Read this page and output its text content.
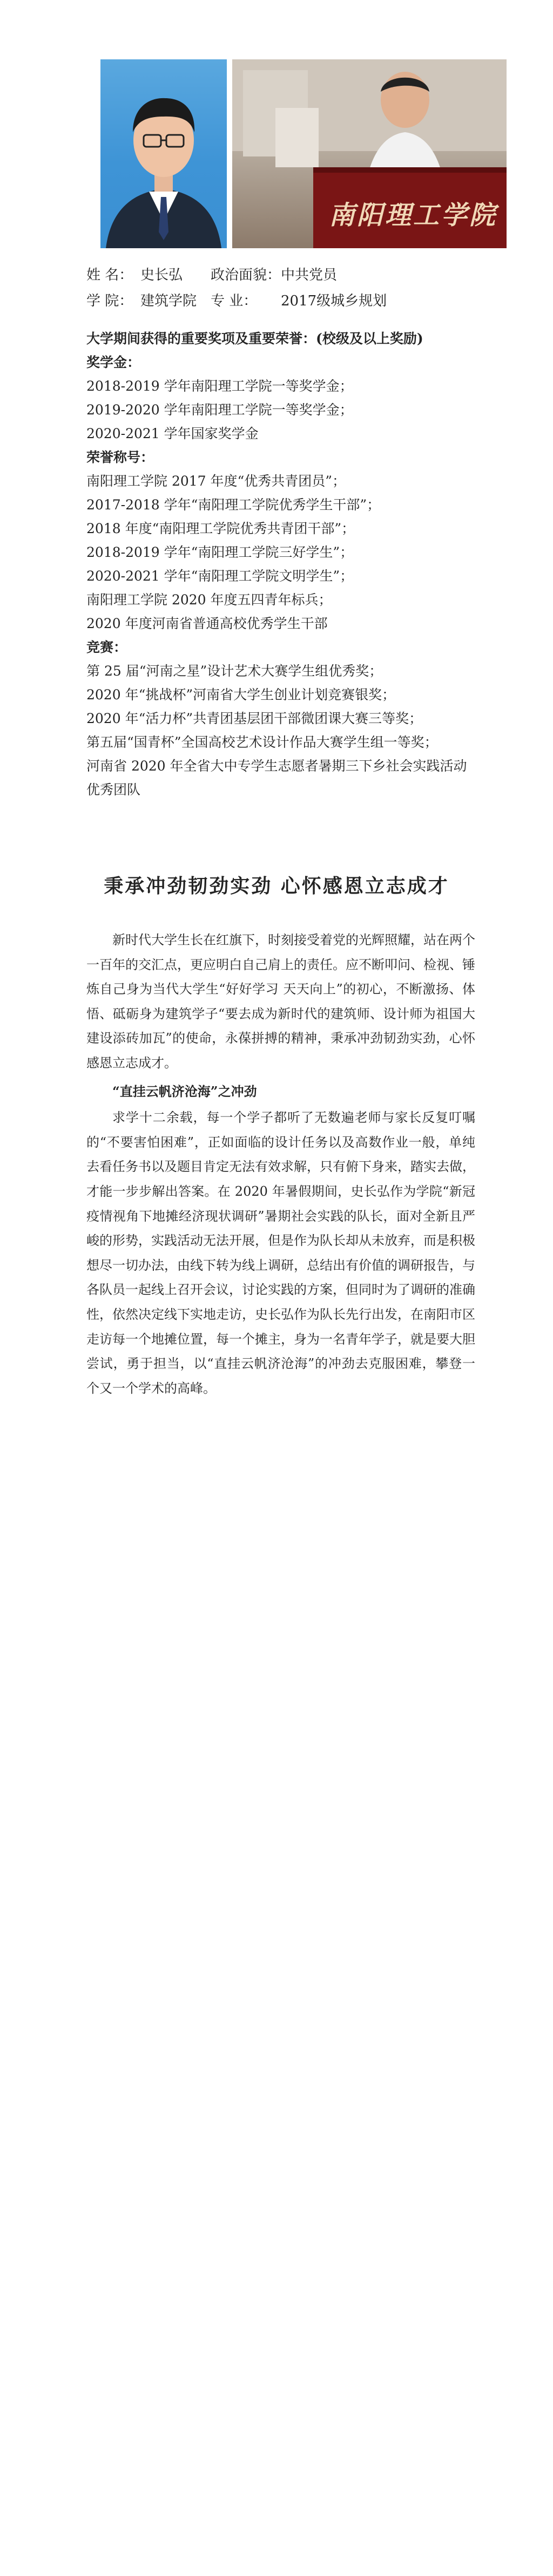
南阳理工学院
姓 名： 史长弘	政治面貌： 中共党员
学 院： 建筑学院 专 业：	2017级城乡规划
大学期间获得的重要奖项及重要荣誉：(校级及以上奖励)
奖学金：
2018-2019 学年南阳理工学院一等奖学金；
2019-2020 学年南阳理工学院一等奖学金；
2020-2021 学年国家奖学金
荣誉称号：
南阳理工学院 2017 年度“优秀共青团员”；
2017-2018 学年“南阳理工学院优秀学生干部”；
2018 年度“南阳理工学院优秀共青团干部”；
2018-2019 学年“南阳理工学院三好学生”；
2020-2021 学年“南阳理工学院文明学生”；
南阳理工学院 2020 年度五四青年标兵；
2020 年度河南省普通高校优秀学生干部
竞赛：
第 25 届“河南之星”设计艺术大赛学生组优秀奖；
2020 年“挑战杯”河南省大学生创业计划竞赛银奖；
2020 年“活力杯”共青团基层团干部微团课大赛三等奖；
第五届“国青杯”全国高校艺术设计作品大赛学生组一等奖；
河南省 2020 年全省大中专学生志愿者暑期三下乡社会实践活动优秀团队
秉承冲劲韧劲实劲 心怀感恩立志成才

新时代大学生长在红旗下，时刻接受着党的光辉照耀，站在两个一百年的交汇点，更应明白自己肩上的责任。应不断叩问、检视、锤炼自己身为当代大学生“好好学习 天天向上”的初心，不断激扬、体悟、砥砺身为建筑学子“要去成为新时代的建筑师、设计师为祖国大建设添砖加瓦”的使命，永葆拼搏的精神，秉承冲劲韧劲实劲，心怀感恩立志成才。

“直挂云帆济沧海”之冲劲

求学十二余载，每一个学子都听了无数遍老师与家长反复叮嘱的“不要害怕困难”，正如面临的设计任务以及高数作业一般，单纯去看任务书以及题目肯定无法有效求解，只有俯下身来，踏实去做，才能一步步解出答案。在 2020 年暑假期间，史长弘作为学院“新冠疫情视角下地摊经济现状调研”暑期社会实践的队长，面对全新且严峻的形势，实践活动无法开展，但是作为队长却从未放弃，而是积极想尽一切办法，由线下转为线上调研，总结出有价值的调研报告，与各队员一起线上召开会议，讨论实践的方案，但同时为了调研的准确性，依然决定线下实地走访，史长弘作为队长先行出发，在南阳市区走访每一个地摊位置，每一个摊主，身为一名青年学子，就是要大胆尝试，勇于担当，以“直挂云帆济沧海”的冲劲去克服困难，攀登一个又一个学术的高峰。
